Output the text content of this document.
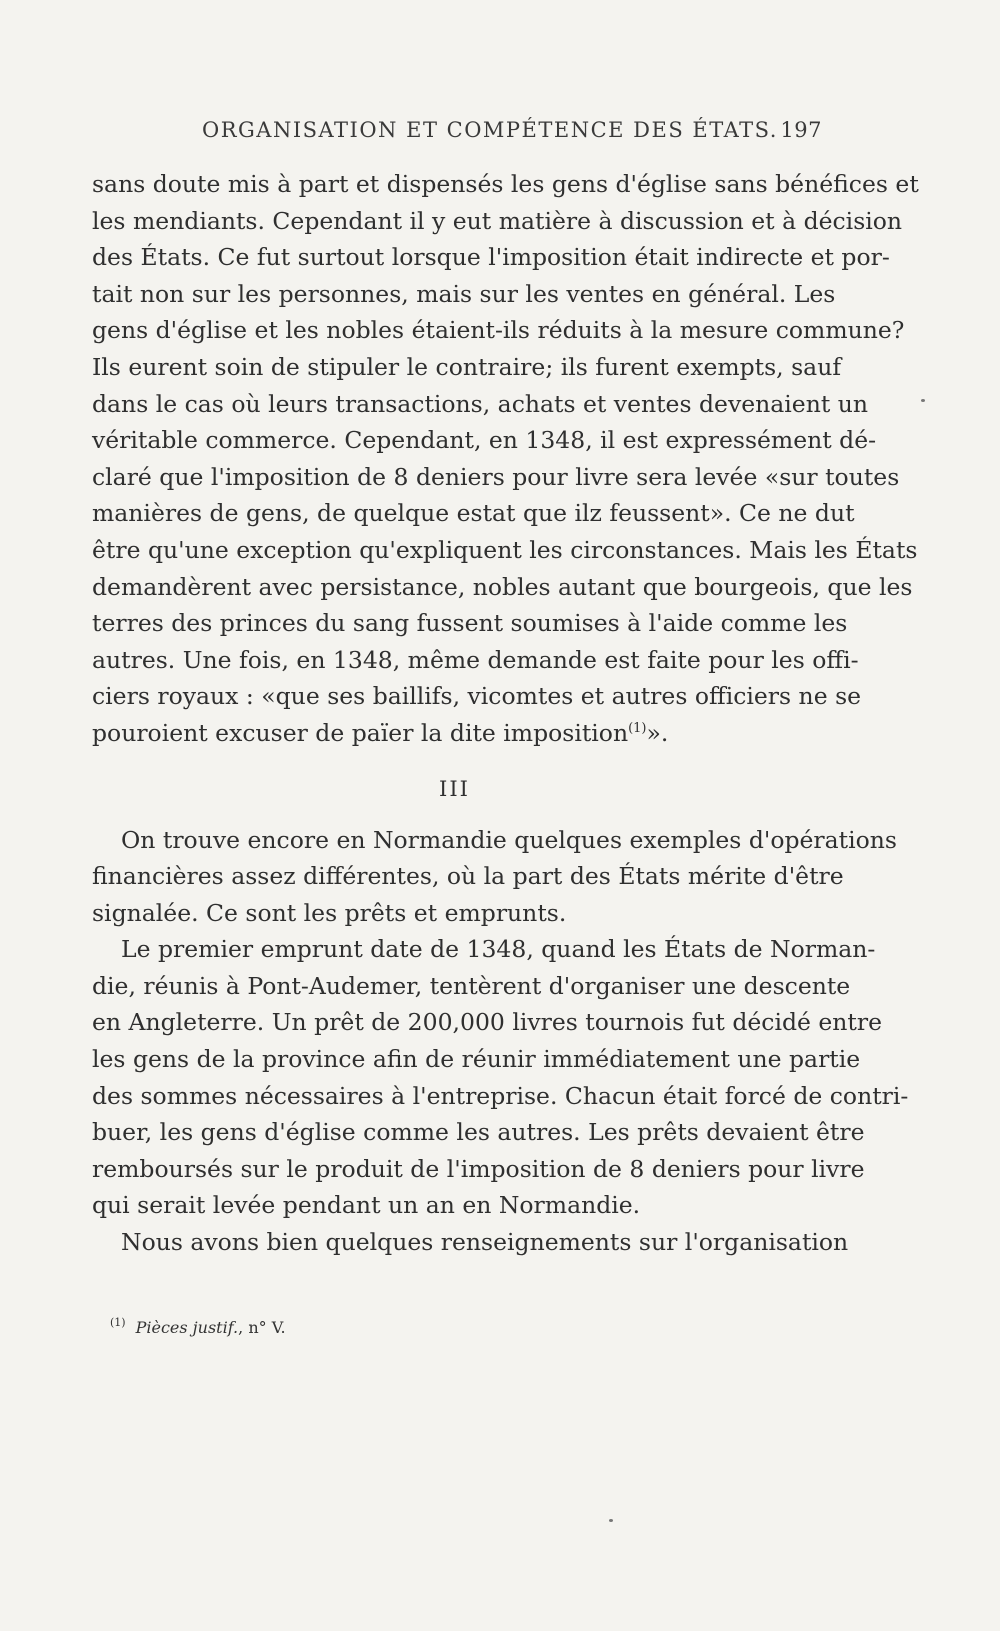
ORGANISATION ET COMPÉTENCE DES ÉTATS. 197
sans doute mis à part et dispensés les gens d'église sans bénéfices et
les mendiants. Cependant il y eut matière à discussion et à décision
des États. Ce fut surtout lorsque l'imposition était indirecte et por-
tait non sur les personnes, mais sur les ventes en général. Les
gens d'église et les nobles étaient-ils réduits à la mesure commune?
Ils eurent soin de stipuler le contraire; ils furent exempts, sauf
dans le cas où leurs transactions, achats et ventes devenaient un
véritable commerce. Cependant, en 1348, il est expressément dé-
claré que l'imposition de 8 deniers pour livre sera levée «sur toutes
manières de gens, de quelque estat que ilz feussent». Ce ne dut
être qu'une exception qu'expliquent les circonstances. Mais les États
demandèrent avec persistance, nobles autant que bourgeois, que les
terres des princes du sang fussent soumises à l'aide comme les
autres. Une fois, en 1348, même demande est faite pour les offi-
ciers royaux : «que ses baillifs, vicomtes et autres officiers ne se
pouroient excuser de païer la dite imposition$^{(1)}$».
III
On trouve encore en Normandie quelques exemples d'opérations
financières assez différentes, où la part des États mérite d'être
signalée. Ce sont les prêts et emprunts.
Le premier emprunt date de 1348, quand les États de Norman-
die, réunis à Pont-Audemer, tentèrent d'organiser une descente
en Angleterre. Un prêt de 200,000 livres tournois fut décidé entre
les gens de la province afin de réunir immédiatement une partie
des sommes nécessaires à l'entreprise. Chacun était forcé de contri-
buer, les gens d'église comme les autres. Les prêts devaient être
remboursés sur le produit de l'imposition de 8 deniers pour livre
qui serait levée pendant un an en Normandie.
Nous avons bien quelques renseignements sur l'organisation
$^{(1)}$ Pièces justif., n° V.
